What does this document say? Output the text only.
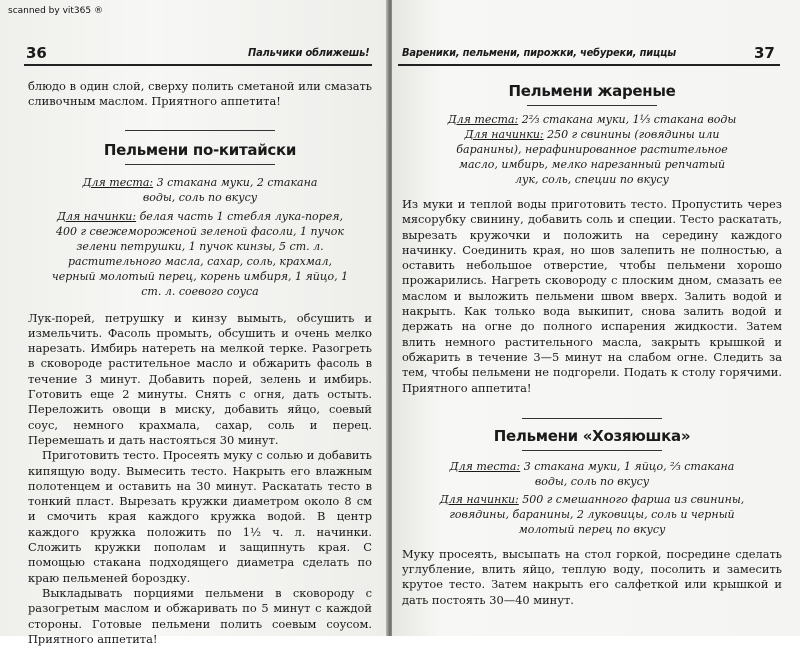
scanned by vit365 ®
36	Пальчики оближешь!

блюдо в один слой, сверху полить сметаной или смазать сливочным маслом. Приятного аппетита!

Пельмени по-китайски

Для теста: 3 стакана муки, 2 стакана воды, соль по вкусу

Для начинки: белая часть 1 стебля лука-порея, 400 г свежемороженой зеленой фасоли, 1 пучок зелени петрушки, 1 пучок кинзы, 5 ст. л. растительного масла, сахар, соль, крахмал, черный молотый перец, корень имбиря, 1 яйцо, 1 ст. л. соевого соуса

Лук-порей, петрушку и кинзу вымыть, обсушить и измельчить. Фасоль промыть, обсушить и очень мелко нарезать. Имбирь натереть на мелкой терке. Разогреть в сковороде растительное масло и обжарить фасоль в течение 3 минут. Добавить порей, зелень и имбирь. Готовить еще 2 минуты. Снять с огня, дать остыть. Переложить овощи в миску, добавить яйцо, соевый соус, немного крахмала, сахар, соль и перец. Перемешать и дать настояться 30 минут.

Приготовить тесто. Просеять муку с солью и добавить кипящую воду. Вымесить тесто. Накрыть его влажным полотенцем и оставить на 30 минут. Раскатать тесто в тонкий пласт. Вырезать кружки диаметром около 8 см и смочить края каждого кружка водой. В центр каждого кружка положить по 1½ ч. л. начинки. Сложить кружки пополам и защипнуть края. С помощью стакана подходящего диаметра сделать по краю пельменей бороздку.

Выкладывать порциями пельмени в сковороду с разогретым маслом и обжаривать по 5 минут с каждой стороны. Готовые пельмени полить соевым соусом. Приятного аппетита!

Вареники, пельмени, пирожки, чебуреки, пиццы	37

Пельмени жареные

Для теста: 2⅔ стакана муки, 1⅓ стакана воды

Для начинки: 250 г свинины (говядины или баранины), нерафинированное растительное масло, имбирь, мелко нарезанный репчатый лук, соль, специи по вкусу

Из муки и теплой воды приготовить тесто. Пропустить через мясорубку свинину, добавить соль и специи. Тесто раскатать, вырезать кружочки и положить на середину каждого начинку. Соединить края, но шов залепить не полностью, а оставить небольшое отверстие, чтобы пельмени хорошо прожарились. Нагреть сковороду с плоским дном, смазать ее маслом и выложить пельмени швом вверх. Залить водой и накрыть. Как только вода выкипит, снова залить водой и держать на огне до полного испарения жидкости. Затем влить немного растительного масла, закрыть крышкой и обжарить в течение 3—5 минут на слабом огне. Следить за тем, чтобы пельмени не подгорели. Подать к столу горячими. Приятного аппетита!

Пельмени «Хозяюшка»

Для теста: 3 стакана муки, 1 яйцо, ⅔ стакана воды, соль по вкусу

Для начинки: 500 г смешанного фарша из свинины, говядины, баранины, 2 луковицы, соль и черный молотый перец по вкусу

Муку просеять, высыпать на стол горкой, посредине сделать углубление, влить яйцо, теплую воду, посолить и замесить крутое тесто. Затем накрыть его салфеткой или крышкой и дать постоять 30—40 минут.
